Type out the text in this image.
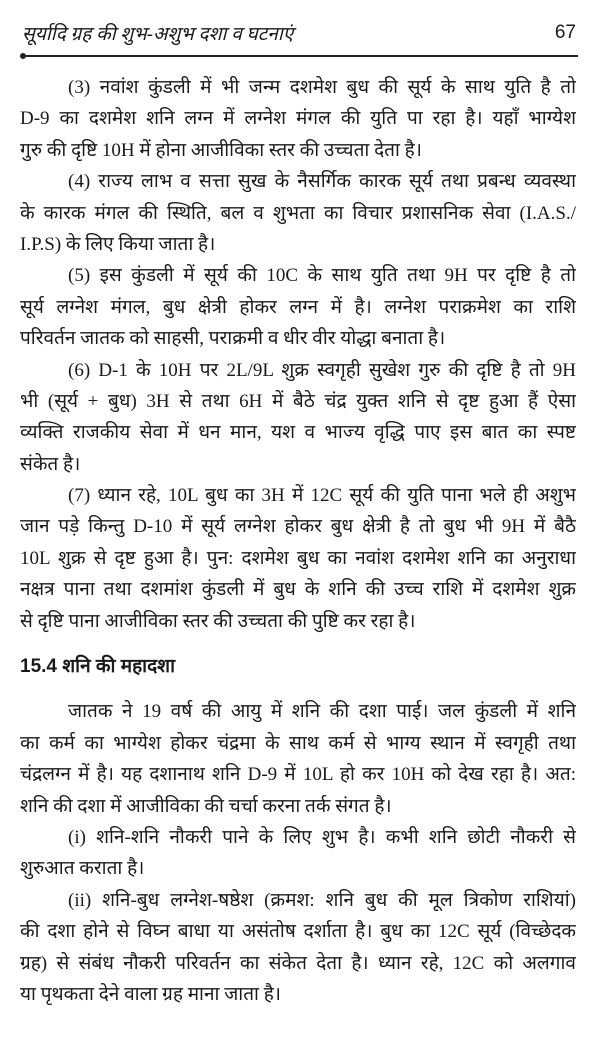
सूर्यादि ग्रह की शुभ-अशुभ दशा व घटनाएं	67
(3) नवांश कुंडली में भी जन्म दशमेश बुध की सूर्य के साथ युति है तो
D-9 का दशमेश शनि लग्न में लग्नेश मंगल की युति पा रहा है। यहाँ भाग्येश
गुरु की दृष्टि 10H में होना आजीविका स्तर की उच्चता देता है।
(4) राज्य लाभ व सत्ता सुख के नैसर्गिक कारक सूर्य तथा प्रबन्ध व्यवस्था
के कारक मंगल की स्थिति, बल व शुभता का विचार प्रशासनिक सेवा (I.A.S./
I.P.S) के लिए किया जाता है।
(5) इस कुंडली में सूर्य की 10C के साथ युति तथा 9H पर दृष्टि है तो
सूर्य लग्नेश मंगल, बुध क्षेत्री होकर लग्न में है। लग्नेश पराक्रमेश का राशि
परिवर्तन जातक को साहसी, पराक्रमी व धीर वीर योद्धा बनाता है।
(6) D-1 के 10H पर 2L/9L शुक्र स्वगृही सुखेश गुरु की दृष्टि है तो 9H
भी (सूर्य + बुध) 3H से तथा 6H में बैठे चंद्र युक्त शनि से दृष्ट हुआ हैं ऐसा
व्यक्ति राजकीय सेवा में धन मान, यश व भाज्य वृद्धि पाए इस बात का स्पष्ट
संकेत है।
(7) ध्यान रहे, 10L बुध का 3H में 12C सूर्य की युति पाना भले ही अशुभ
जान पड़े किन्तु D-10 में सूर्य लग्नेश होकर बुध क्षेत्री है तो बुध भी 9H में बैठै
10L शुक्र से दृष्ट हुआ है। पुन: दशमेश बुध का नवांश दशमेश शनि का अनुराधा
नक्षत्र पाना तथा दशमांश कुंडली में बुध के शनि की उच्च राशि में दशमेश शुक्र
से दृष्टि पाना आजीविका स्तर की उच्चता की पुष्टि कर रहा है।
15.4 शनि की महादशा
जातक ने 19 वर्ष की आयु में शनि की दशा पाई। जल कुंडली में शनि
का कर्म का भाग्येश होकर चंद्रमा के साथ कर्म से भाग्य स्थान में स्वगृही तथा
चंद्रलग्न में है। यह दशानाथ शनि D-9 में 10L हो कर 10H को देख रहा है। अत:
शनि की दशा में आजीविका की चर्चा करना तर्क संगत है।
(i) शनि-शनि नौकरी पाने के लिए शुभ है। कभी शनि छोटी नौकरी से
शुरुआत कराता है।
(ii) शनि-बुध लग्नेश-षष्ठेश (क्रमश: शनि बुध की मूल त्रिकोण राशियां)
की दशा होने से विघ्न बाधा या असंतोष दर्शाता है। बुध का 12C सूर्य (विच्छेदक
ग्रह) से संबंध नौकरी परिवर्तन का संकेत देता है। ध्यान रहे, 12C को अलगाव
या पृथकता देने वाला ग्रह माना जाता है।
